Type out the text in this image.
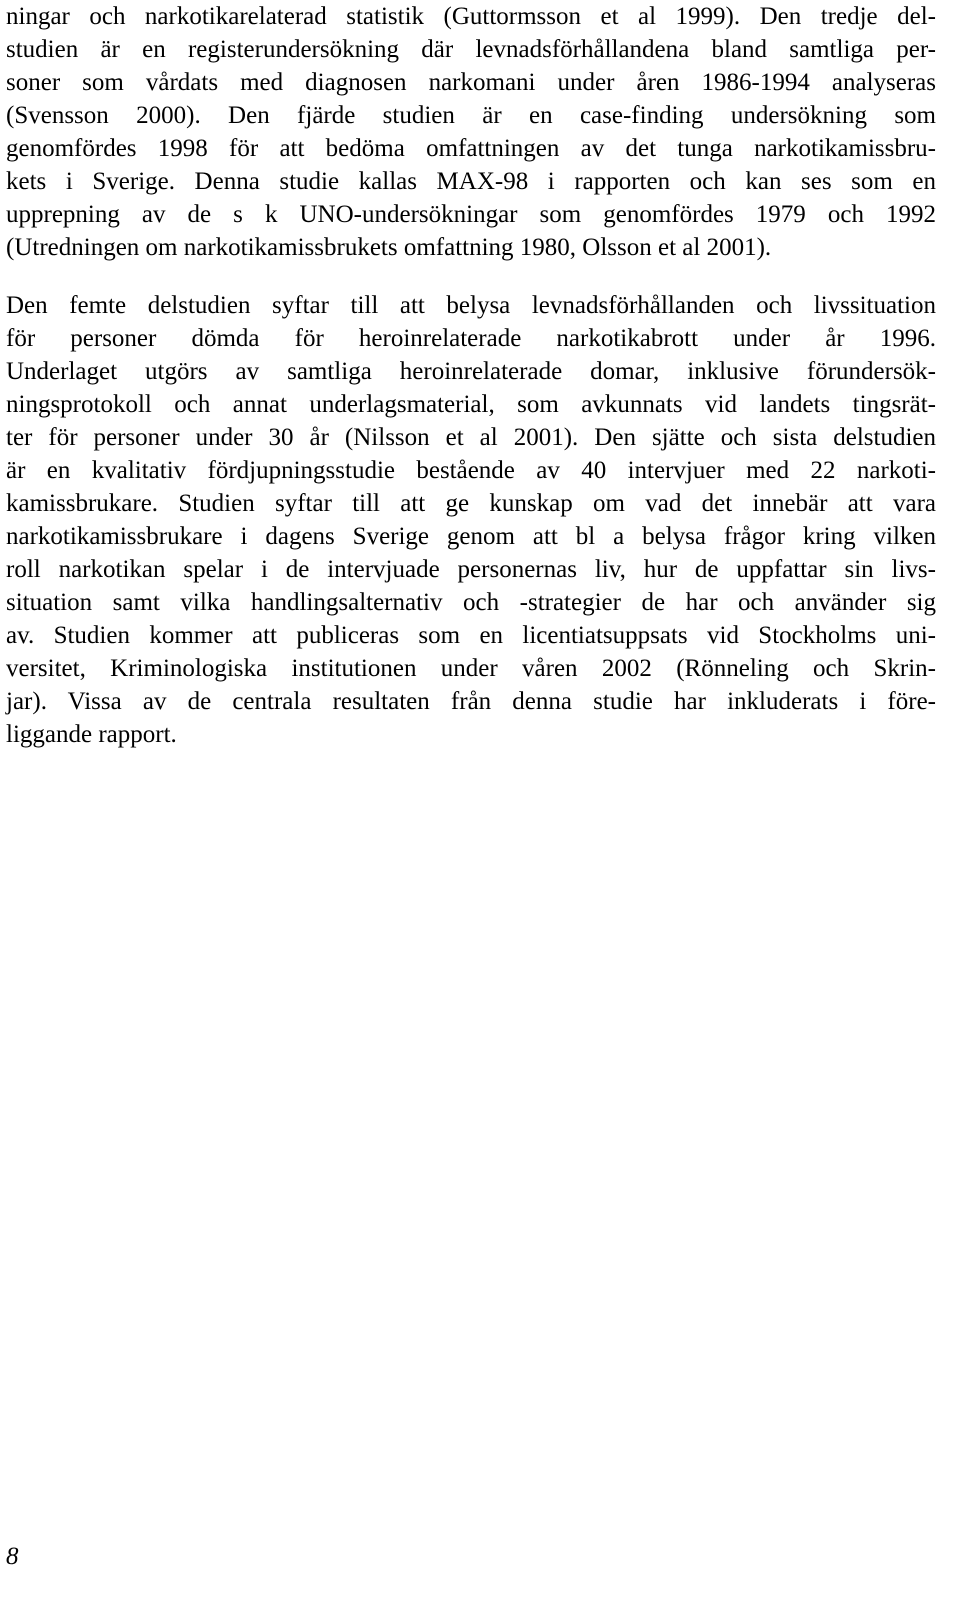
ningar och narkotikarelaterad statistik (Guttormsson et al 1999). Den tredje del-
studien är en registerundersökning där levnadsförhållandena bland samtliga per-
soner som vårdats med diagnosen narkomani under åren 1986-1994 analyseras
(Svensson 2000). Den fjärde studien är en case-finding undersökning som
genomfördes 1998 för att bedöma omfattningen av det tunga narkotikamissbru-
kets i Sverige. Denna studie kallas MAX-98 i rapporten och kan ses som en
upprepning av de s k UNO-undersökningar som genomfördes 1979 och 1992
(Utredningen om narkotikamissbrukets omfattning 1980, Olsson et al 2001).
Den femte delstudien syftar till att belysa levnadsförhållanden och livssituation
för personer dömda för heroinrelaterade narkotikabrott under år 1996.
Underlaget utgörs av samtliga heroinrelaterade domar, inklusive förundersök-
ningsprotokoll och annat underlagsmaterial, som avkunnats vid landets tingsrät-
ter för personer under 30 år (Nilsson et al 2001). Den sjätte och sista delstudien
är en kvalitativ fördjupningsstudie bestående av 40 intervjuer med 22 narkoti-
kamissbrukare. Studien syftar till att ge kunskap om vad det innebär att vara
narkotikamissbrukare i dagens Sverige genom att bl a belysa frågor kring vilken
roll narkotikan spelar i de intervjuade personernas liv, hur de uppfattar sin livs-
situation samt vilka handlingsalternativ och -strategier de har och använder sig
av. Studien kommer att publiceras som en licentiatsuppsats vid Stockholms uni-
versitet, Kriminologiska institutionen under våren 2002 (Rönneling och Skrin-
jar). Vissa av de centrala resultaten från denna studie har inkluderats i före-
liggande rapport.
8
